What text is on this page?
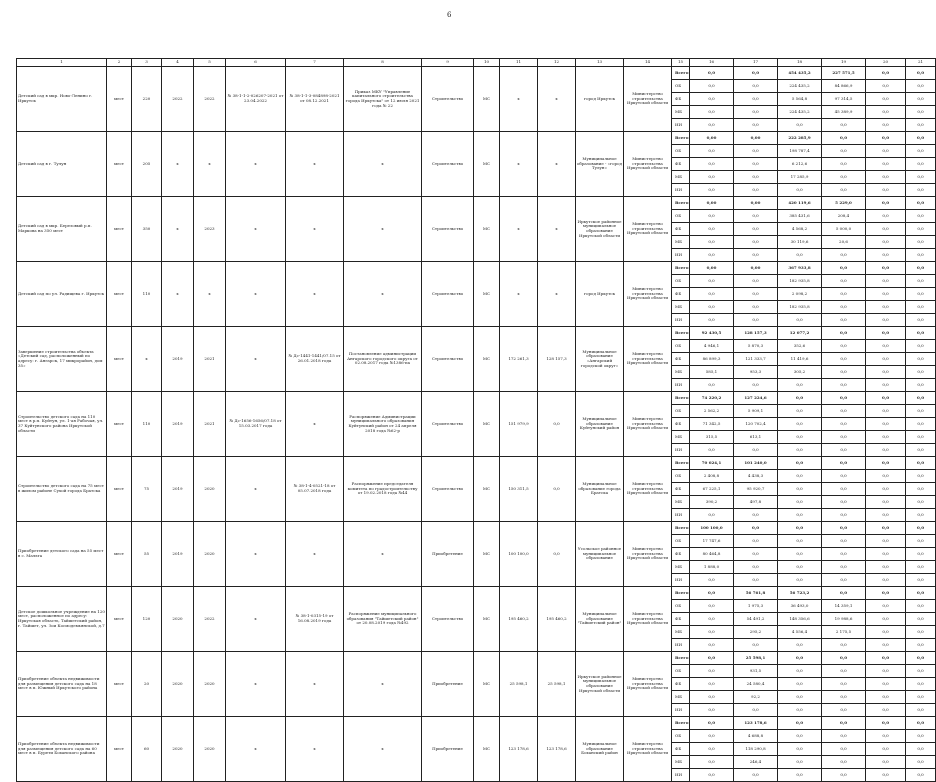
6
1	2	3	4	5	6	7	8	9	10	11	12	13	14	15	16	17	18	19	20	21
Детский сад в мкр. Ново-Ленино г. Иркутск	мест	220	2022	2022	№ 38-1-1-2-026207-2021 от 23.04.2022	№ 38-1-1-3-084898-2021 от 08.12.2021	Приказ МКУ "Управление капитального строительства города Иркутска" от 12 июля 2021 года № 22	Строительство	МС	х	х	город Иркутск	Министерство строительства Иркутской области	Всего	0,0	0,0	454 435,2	227 571,5	0,0	0,0
														ОБ	0,0	0,0	224 435,2	84 866,9	0,0	0,0
														ФБ	0,0	0,0	5 564,8	97 314,5	0,0	0,0
														МБ	0,0	0,0	224 435,2	45 389,9	0,0	0,0
														ИИ	0,0	0,0	0,0	0,0	0,0	0,0
Детский сад в г. Тулун	мест	205	х	х	х	х	х	Строительство	МС	х	х	Муниципальное образование - «город Тулун»	Министерство строительства Иркутской области	Всего	0,00	0,00	222 285,9	0,0	0,0	0,0
														ОБ	0,0	0,0	198 787,4	0,0	0,0	0,0
														ФБ	0,0	0,0	6 212,6	0,0	0,0	0,0
														МБ	0,0	0,0	17 285,9	0,0	0,0	0,0
														ИИ	0,0	0,0	0,0	0,0	0,0	0,0
Детский сад в мкр. Березовый р.п. Маркова на 350 мест	мест	350	х	2023	х	х	х	Строительство	МС	х	х	Иркутское районное муниципальное образование Иркутской области	Министерство строительства Иркутской области	Всего	0,00	0,00	420 119,6	5 229,0	0,0	0,0
														ОБ	0,0	0,0	385 431,6	208,4	0,0	0,0
														ФБ	0,0	0,0	4 568,2	5 000,0	0,0	0,0
														МБ	0,0	0,0	30 119,6	20,6	0,0	0,0
														ИИ	0,0	0,0	0,0	0,0	0,0	0,0
Детский сад по ул. Радищева г. Иркутск	мест	110	х	х	х	х	х	Строительство	МС	х	х	город Иркутск	Министерство строительства Иркутской области	Всего	0,00	0,00	367 933,8	0,0	0,0	0,0
														ОБ	0,0	0,0	182 935,8	0,0	0,0	0,0
														ФБ	0,0	0,0	2 098,2	0,0	0,0	0,0
														МБ	0,0	0,0	182 935,8	0,0	0,0	0,0
														ИИ	0,0	0,0	0,0	0,0	0,0	0,0
Завершение строительства объекта «Детский сад, расположенный по адресу: г. Ангарск, 17 микрорайон, дом 35»	мест	х	2019	2021	х	№ Дс-1441-1441/07.15 от 26.01.2018 года	Постановление администрации Ангарского городского округа от 02.08.2017 года №1386-па	Строительство	МС	172 261,3	128 157,3	Муниципальное образование «Ангарский городской округ»	Министерство строительства Иркутской области	Всего	92 430,5	128 157,3	12 077,2	0,0	0,0	0,0
														ОБ	4 946,1	5 870,3	352,6	0,0	0,0	0,0
														ФБ	86 899,3	121 333,7	11 419,6	0,0	0,0	0,0
														МБ	585,1	953,3	305,2	0,0	0,0	0,0
														ИИ	0,0	0,0	0,0	0,0	0,0	0,0
Строительство детского сада на 110 мест в р.п. Куйтун, ул. 1-ая Рабочая, ул. 37 Куйтунского района Иркутской области	мест	110	2019	2021	№ Дс-1656-1656/07.18 от 15.03.2017 года	х	Распоряжение Администрации муниципального образования Куйтунский район от 24 апреля 2018 года №62-р	Строительство	МС	151 979,9	0,0	Муниципальное образование Куйтунский район	Министерство строительства Иркутской области	Всего	74 220,2	127 224,6	0,0	0,0	0,0	0,0
														ОБ	2 562,2	5 909,1	0,0	0,0	0,0	0,0
														ФБ	71 342,5	120 702,4	0,0	0,0	0,0	0,0
														МБ	315,5	613,1	0,0	0,0	0,0	0,0
														ИИ	0,0	0,0	0,0	0,0	0,0	0,0
Строительство детского сада на 75 мест в жилом районе Сухой города Братска	мест	75	2019	2020	х	№ 38-1-4-0521-18 от 05.07.2018 года	Распоряжение председателя комитета по градостроительству от 19.02.2018 года №44	Строительство	МС	150 311,5	0,0	Муниципальное образование города Братска	Министерство строительства Иркутской области	Всего	70 024,1	101 240,0	0,0	0,0	0,0	0,0
														ОБ	2 408,8	4 438,3	0,0	0,0	0,0	0,0
														ФБ	67 225,1	95 920,7	0,0	0,0	0,0	0,0
														МБ	390,2	497,8	0,0	0,0	0,0	0,0
														ИИ	0,0	0,0	0,0	0,0	0,0	0,0
Приобретение детского сада на 55 мест в с. Мальта	мест	55	2019	2020	х	х	х	Приобретение	МС	100 100,0	0,0	Усольское районное муниципальное образование	Министерство строительства Иркутской области	Всего	100 100,0	0,0	0,0	0,0	0,0	0,0
														ОБ	17 747,6	0,0	0,0	0,0	0,0	0,0
														ФБ	80 464,8	0,0	0,0	0,0	0,0	0,0
														МБ	1 888,0	0,0	0,0	0,0	0,0	0,0
														ИИ	0,0	0,0	0,0	0,0	0,0	0,0
Детское дошкольное учреждение на 120 мест, расположенное по адресу: Иркутская область, Тайшетский район, г. Тайшет, ул. Зои Космодемьянской, д.7	мест	120	2020	2022	х	№ 38-1-0315-19 от 16.08.2019 года	Распоряжение муниципального образования "Тайшетский район" от 20.08.2019 года №492	Строительство	МС	195 460,2	195 460,2	Муниципальное образование "Тайшетский район"	Министерство строительства Иркутской области	Всего	0,0	56 761,8	56 723,2	0,0	0,0	0,0
														ОБ	0,0	1 975,3	36 493,0	14 359,1	0,0	0,0
														ФБ	0,0	54 491,2	148 356,6	19 988,6	0,0	0,0
														МБ	0,0	295,2	4 556,4	2 175,5	0,0	0,0
														ИИ	0,0	0,0	0,0	0,0	0,0	0,0
Приобретение объекта недвижимости для размещения детского сада на 18 мест в п. Южный Иркутского района	мест	20	2020	2020	х	х	х	Приобретение	МС	25 598,1	25 598,1	Иркутское районное муниципальное образование Иркутской области	Министерство строительства Иркутской области	Всего	0,0	25 598,1	0,0	0,0	0,0	0,0
														ОБ	0,0	931,5	0,0	0,0	0,0	0,0
														ФБ	0,0	24 580,4	0,0	0,0	0,0	0,0
														МБ	0,0	92,2	0,0	0,0	0,0	0,0
														ИИ	0,0	0,0	0,0	0,0	0,0	0,0
Приобретение объекта недвижимости для размещения детского сада на 60 мест в п. Бурети Боханского района	мест	60	2020	2020	х	х	х	Приобретение	МС	123 178,6	123 178,6	Муниципальное образование Боханский район	Министерство строительства Иркутской области	Всего	0,0	123 178,6	0,0	0,0	0,0	0,0
														ОБ	0,0	4 688,8	0,0	0,0	0,0	0,0
														ФБ	0,0	118 290,8	0,0	0,0	0,0	0,0
														МБ	0,0	246,4	0,0	0,0	0,0	0,0
														ИИ	0,0	0,0	0,0	0,0	0,0	0,0
